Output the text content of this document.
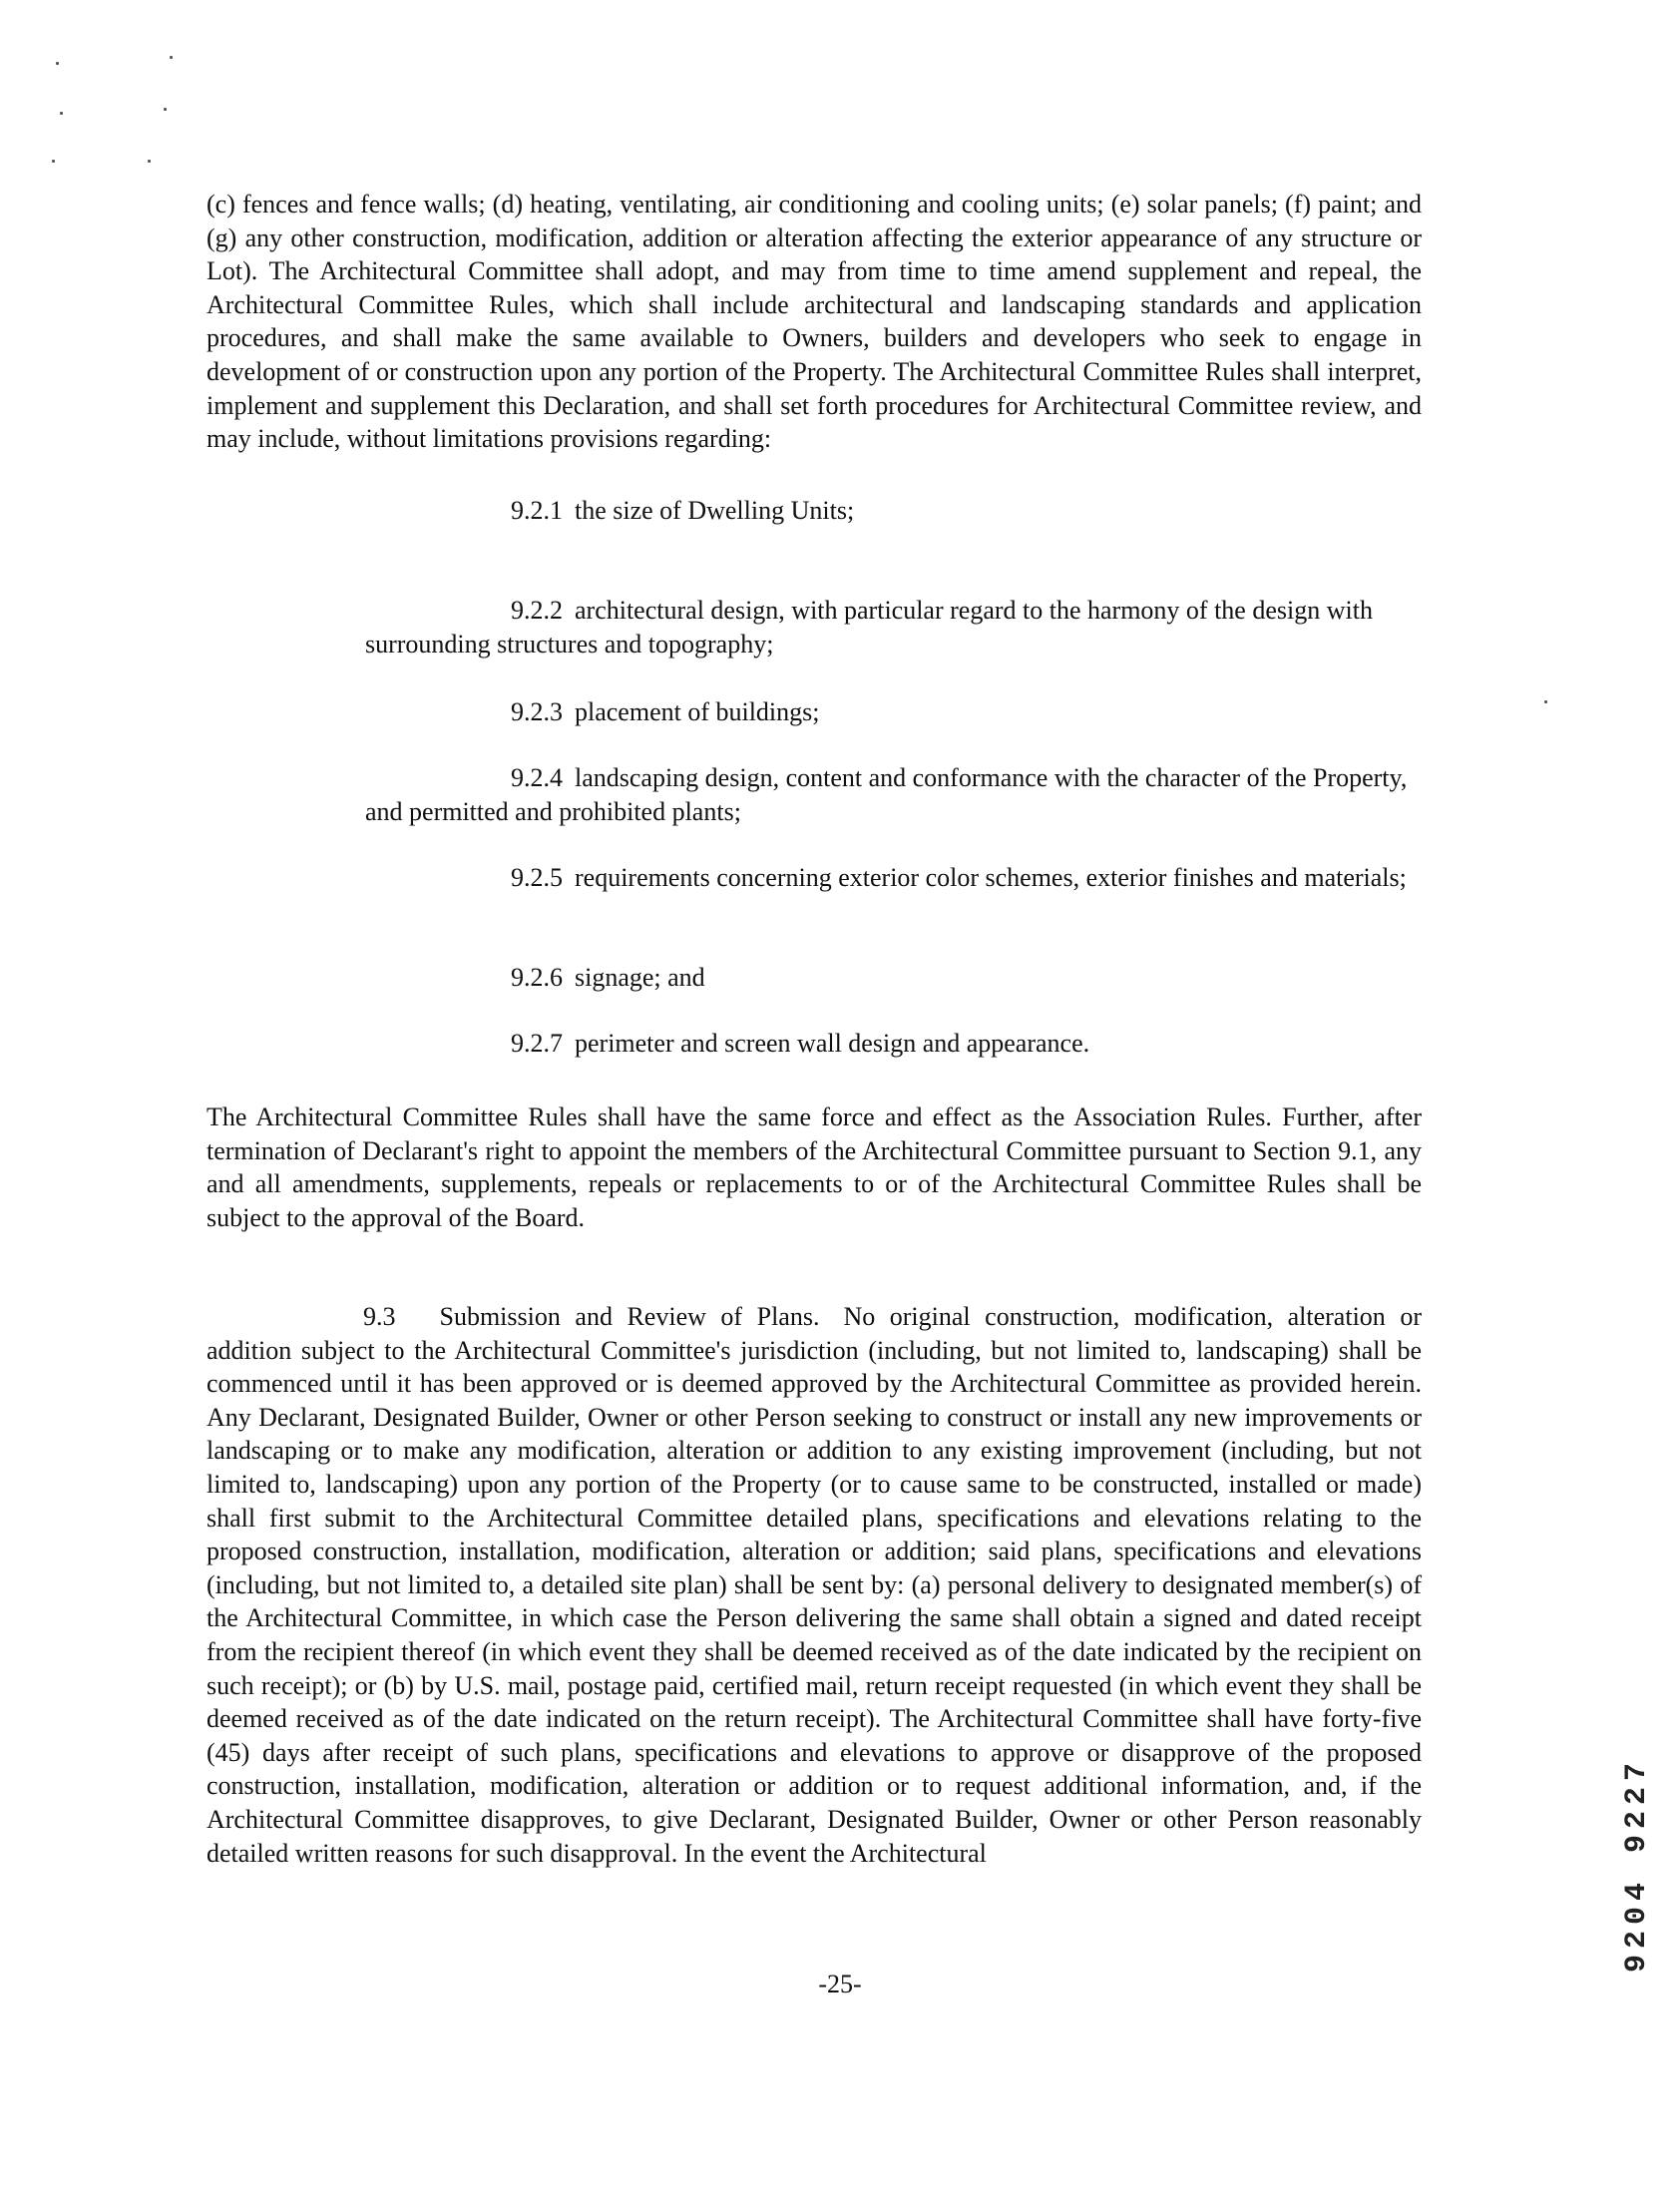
(c) fences and fence walls; (d) heating, ventilating, air conditioning and cooling units; (e) solar panels; (f) paint; and (g) any other construction, modification, addition or alteration affecting the exterior appearance of any structure or Lot). The Architectural Committee shall adopt, and may from time to time amend supplement and repeal, the Architectural Committee Rules, which shall include architectural and landscaping standards and application procedures, and shall make the same available to Owners, builders and developers who seek to engage in development of or construction upon any portion of the Property. The Architectural Committee Rules shall interpret, implement and supplement this Declaration, and shall set forth procedures for Architectural Committee review, and may include, without limitations provisions regarding:

9.2.1 the size of Dwelling Units;
9.2.2 architectural design, with particular regard to the harmony of the design with surrounding structures and topography;
9.2.3 placement of buildings;
9.2.4 landscaping design, content and conformance with the character of the Property, and permitted and prohibited plants;
9.2.5 requirements concerning exterior color schemes, exterior finishes and materials;
9.2.6 signage; and
9.2.7 perimeter and screen wall design and appearance.

The Architectural Committee Rules shall have the same force and effect as the Association Rules. Further, after termination of Declarant's right to appoint the members of the Architectural Committee pursuant to Section 9.1, any and all amendments, supplements, repeals or replacements to or of the Architectural Committee Rules shall be subject to the approval of the Board.

9.3 Submission and Review of Plans. No original construction, modification, alteration or addition subject to the Architectural Committee's jurisdiction (including, but not limited to, landscaping) shall be commenced until it has been approved or is deemed approved by the Architectural Committee as provided herein. Any Declarant, Designated Builder, Owner or other Person seeking to construct or install any new improvements or landscaping or to make any modification, alteration or addition to any existing improvement (including, but not limited to, landscaping) upon any portion of the Property (or to cause same to be constructed, installed or made) shall first submit to the Architectural Committee detailed plans, specifications and elevations relating to the proposed construction, installation, modification, alteration or addition; said plans, specifications and elevations (including, but not limited to, a detailed site plan) shall be sent by: (a) personal delivery to designated member(s) of the Architectural Committee, in which case the Person delivering the same shall obtain a signed and dated receipt from the recipient thereof (in which event they shall be deemed received as of the date indicated by the recipient on such receipt); or (b) by U.S. mail, postage paid, certified mail, return receipt requested (in which event they shall be deemed received as of the date indicated on the return receipt). The Architectural Committee shall have forty-five (45) days after receipt of such plans, specifications and elevations to approve or disapprove of the proposed construction, installation, modification, alteration or addition or to request additional information, and, if the Architectural Committee disapproves, to give Declarant, Designated Builder, Owner or other Person reasonably detailed written reasons for such disapproval. In the event the Architectural

-25-

9204 9227
